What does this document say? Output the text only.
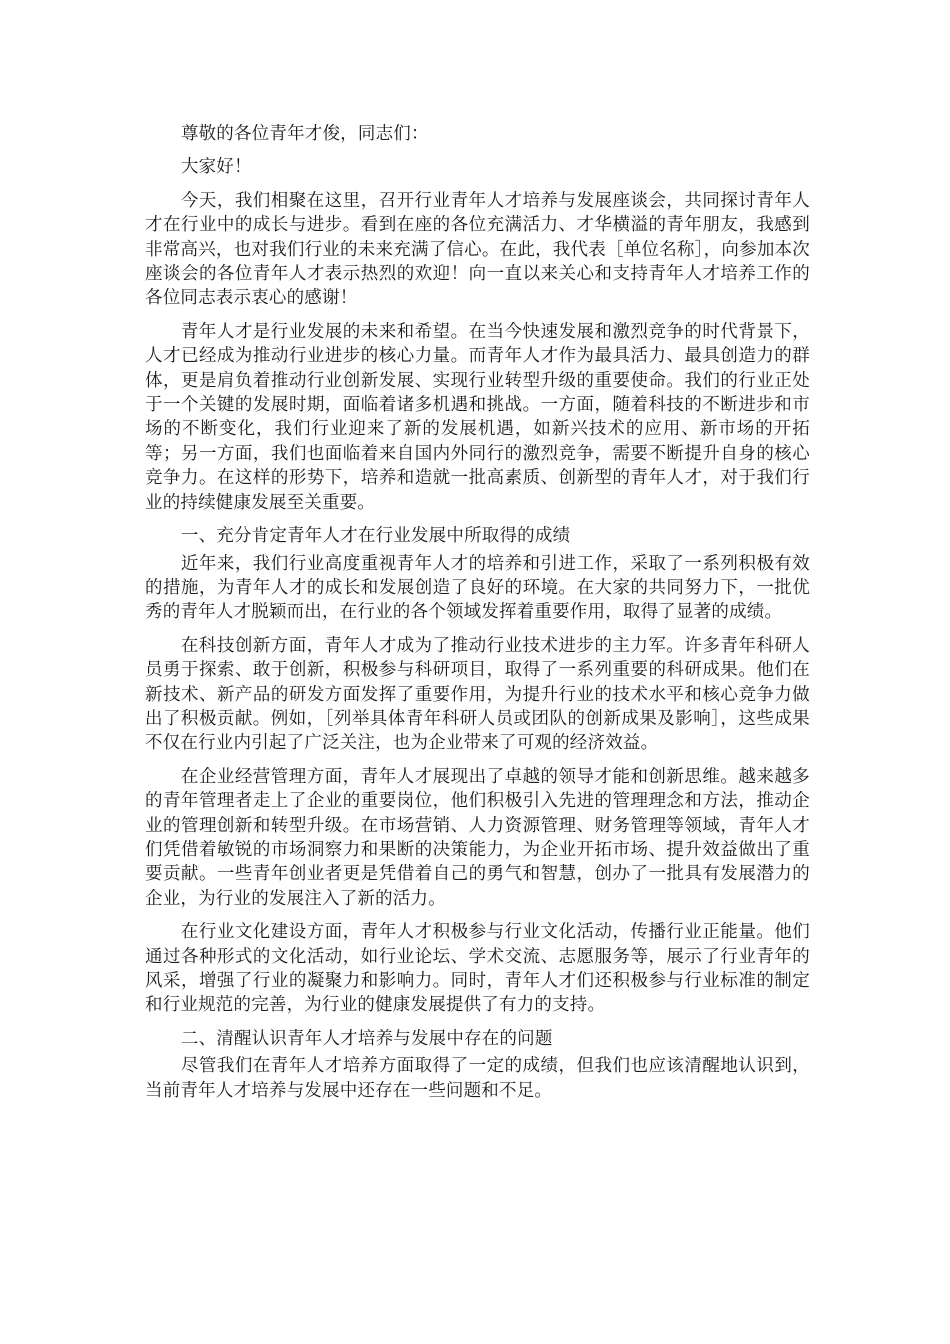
尊敬的各位青年才俊，同志们：

大家好！

今天，我们相聚在这里，召开行业青年人才培养与发展座谈会，共同探讨青年人才在行业中的成长与进步。看到在座的各位充满活力、才华横溢的青年朋友，我感到非常高兴，也对我们行业的未来充满了信心。在此，我代表［单位名称］，向参加本次座谈会的各位青年人才表示热烈的欢迎！向一直以来关心和支持青年人才培养工作的各位同志表示衷心的感谢！

青年人才是行业发展的未来和希望。在当今快速发展和激烈竞争的时代背景下，人才已经成为推动行业进步的核心力量。而青年人才作为最具活力、最具创造力的群体，更是肩负着推动行业创新发展、实现行业转型升级的重要使命。我们的行业正处于一个关键的发展时期，面临着诸多机遇和挑战。一方面，随着科技的不断进步和市场的不断变化，我们行业迎来了新的发展机遇，如新兴技术的应用、新市场的开拓等；另一方面，我们也面临着来自国内外同行的激烈竞争，需要不断提升自身的核心竞争力。在这样的形势下，培养和造就一批高素质、创新型的青年人才，对于我们行业的持续健康发展至关重要。

一、充分肯定青年人才在行业发展中所取得的成绩

近年来，我们行业高度重视青年人才的培养和引进工作，采取了一系列积极有效的措施，为青年人才的成长和发展创造了良好的环境。在大家的共同努力下，一批优秀的青年人才脱颖而出，在行业的各个领域发挥着重要作用，取得了显著的成绩。

在科技创新方面，青年人才成为了推动行业技术进步的主力军。许多青年科研人员勇于探索、敢于创新，积极参与科研项目，取得了一系列重要的科研成果。他们在新技术、新产品的研发方面发挥了重要作用，为提升行业的技术水平和核心竞争力做出了积极贡献。例如，［列举具体青年科研人员或团队的创新成果及影响］，这些成果不仅在行业内引起了广泛关注，也为企业带来了可观的经济效益。

在企业经营管理方面，青年人才展现出了卓越的领导才能和创新思维。越来越多的青年管理者走上了企业的重要岗位，他们积极引入先进的管理理念和方法，推动企业的管理创新和转型升级。在市场营销、人力资源管理、财务管理等领域，青年人才们凭借着敏锐的市场洞察力和果断的决策能力，为企业开拓市场、提升效益做出了重要贡献。一些青年创业者更是凭借着自己的勇气和智慧，创办了一批具有发展潜力的企业，为行业的发展注入了新的活力。

在行业文化建设方面，青年人才积极参与行业文化活动，传播行业正能量。他们通过各种形式的文化活动，如行业论坛、学术交流、志愿服务等，展示了行业青年的风采，增强了行业的凝聚力和影响力。同时，青年人才们还积极参与行业标准的制定和行业规范的完善，为行业的健康发展提供了有力的支持。

二、清醒认识青年人才培养与发展中存在的问题

尽管我们在青年人才培养方面取得了一定的成绩，但我们也应该清醒地认识到，当前青年人才培养与发展中还存在一些问题和不足。
